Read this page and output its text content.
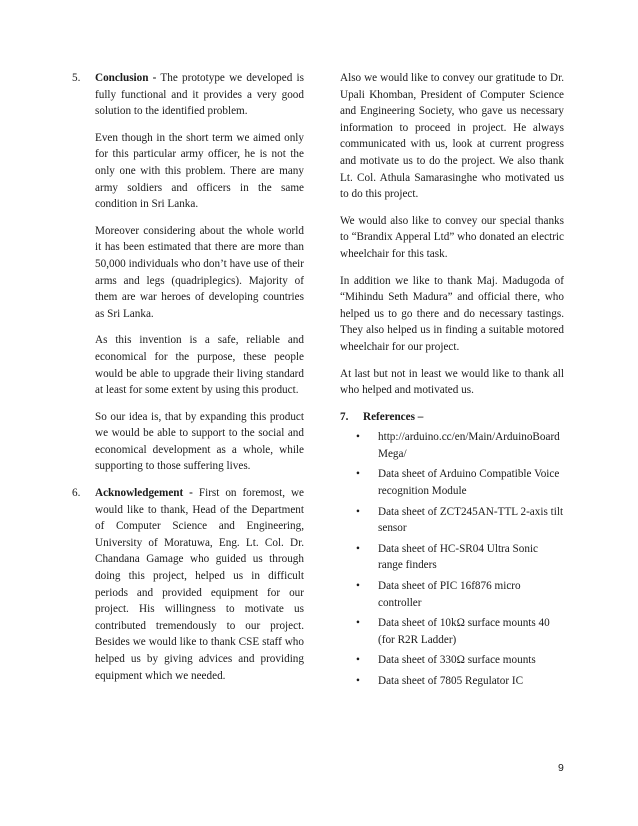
5.	Conclusion - The prototype we developed is fully functional and it provides a very good solution to the identified problem.

Even though in the short term we aimed only for this particular army officer, he is not the only one with this problem. There are many army soldiers and officers in the same condition in Sri Lanka.

Moreover considering about the whole world it has been estimated that there are more than 50,000 individuals who don’t have use of their arms and legs (quadriplegics). Majority of them are war heroes of developing countries as Sri Lanka.

As this invention is a safe, reliable and economical for the purpose, these people would be able to upgrade their living standard at least for some extent by using this product.

So our idea is, that by expanding this product we would be able to support to the social and economical development as a whole, while supporting to those suffering lives.

6.	Acknowledgement - First on foremost, we would like to thank, Head of the Department of Computer Science and Engineering, University of Moratuwa, Eng. Lt. Col. Dr. Chandana Gamage who guided us through doing this project, helped us in difficult periods and provided equipment for our project. His willingness to motivate us contributed tremendously to our project. Besides we would like to thank CSE staff who helped us by giving advices and providing equipment which we needed.

Also we would like to convey our gratitude to Dr. Upali Khomban, President of Computer Science and Engineering Society, who gave us necessary information to proceed in project. He always communicated with us, look at current progress and motivate us to do the project. We also thank Lt. Col. Athula Samarasinghe who motivated us to do this project.

We would also like to convey our special thanks to “Brandix Apperal Ltd” who donated an electric wheelchair for this task.

In addition we like to thank Maj. Madugoda of “Mihindu Seth Madura” and official there, who helped us to go there and do necessary tastings. They also helped us in finding a suitable motored wheelchair for our project.

At last but not in least we would like to thank all who helped and motivated us.

7.	References –
• http://arduino.cc/en/Main/ArduinoBoard Mega/
• Data sheet of Arduino Compatible Voice recognition Module
• Data sheet of ZCT245AN-TTL 2-axis tilt sensor
• Data sheet of HC-SR04 Ultra Sonic range finders
• Data sheet of PIC 16f876 micro controller
• Data sheet of 10kΩ surface mounts 40 (for R2R Ladder)
• Data sheet of 330Ω surface mounts
• Data sheet of 7805 Regulator IC
9
